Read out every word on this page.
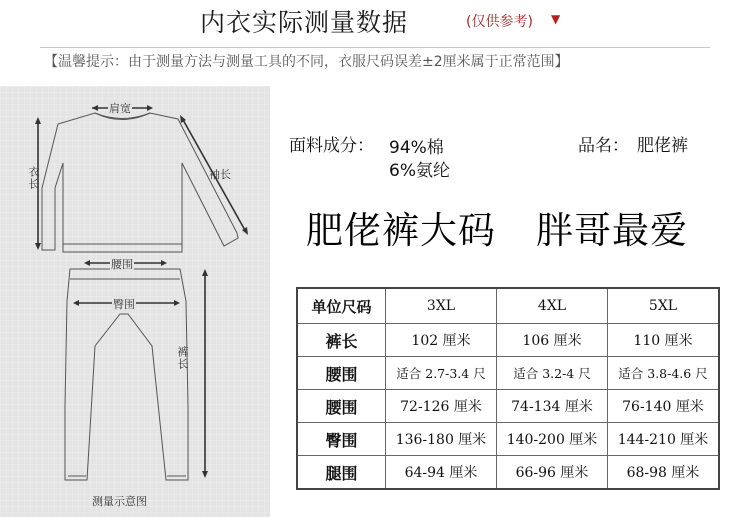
内衣实际测量数据	(仅供参考) ▼
【温馨提示：由于测量方法与测量工具的不同，衣服尺码误差±2厘米属于正常范围】
肩宽
衣长	袖长
腰围
臀围
裤长
测量示意图
面料成分： 94%棉
6%氨纶
品名： 肥佬裤
肥佬裤大码 胖哥最爱
单位尺码	3XL	4XL	5XL
裤长	102 厘米	106 厘米	110 厘米
腰围	适合 2.7-3.4 尺	适合 3.2-4 尺	适合 3.8-4.6 尺
腰围	72-126 厘米	74-134 厘米	76-140 厘米
臀围	136-180 厘米	140-200 厘米	144-210 厘米
腿围	64-94 厘米	66-96 厘米	68-98 厘米
